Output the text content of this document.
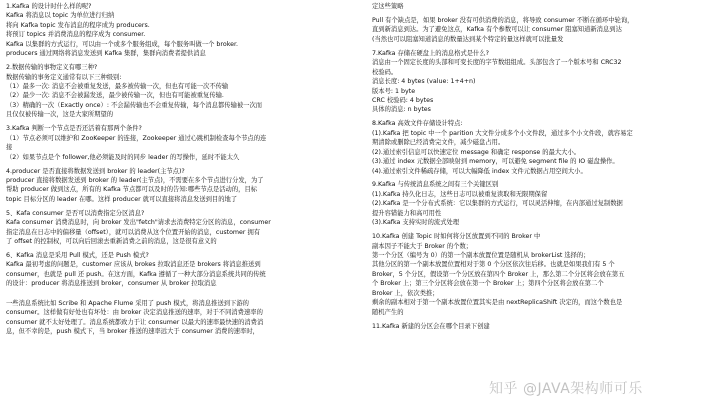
1.Kafka 的设计时什么样的呢?
Kafka 将消息以 topic 为单位进行归纳
将向 Kafka topic 发布消息的程序成为 producers.
将预订 topics 并消费消息的程序成为 consumer.
Kafka 以集群的方式运行，可以由一个或多个服务组成，每个服务叫做一个 broker.
producers 通过网络将消息发送到 Kafka 集群，集群向消费者提供消息
2.数据传输的事物定义有哪三种?
数据传输的事务定义通常有以下三种级别:
（1）最多一次: 消息不会被重复发送，最多被传输一次，但也有可能一次不传输
（2）最少一次: 消息不会被漏发送，最少被传输一次，但也有可能被重复传输.
（3）精确的一次（Exactly once）: 不会漏传输也不会重复传输，每个消息都传输被一次而
且仅仅被传输一次，这是大家所期望的
3.Kafka 判断一个节点是否还活着有那两个条件?
（1）节点必须可以维护和 ZooKeeper 的连接，Zookeeper 通过心跳机制检查每个节点的连
接
（2）如果节点是个 follower,他必须能及时的同步 leader 的写操作，延时不能太久
4.producer 是否直接将数据发送到 broker 的 leader(主节点)?
producer 直接将数据发送到 broker 的 leader(主节点)，不需要在多个节点进行分发，为了
帮助 producer 做到这点，所有的 Kafka 节点都可以及时的告知:哪些节点是活动的，目标
topic 目标分区的 leader 在哪。这样 producer 就可以直接将消息发送到目的地了
5、Kafa consumer 是否可以消费指定分区消息?
Kafa consumer 消费消息时，向 broker 发出"fetch"请求去消费特定分区的消息，consumer
指定消息在日志中的偏移量（offset），就可以消费从这个位置开始的消息，customer 拥有
了 offset 的控制权，可以向后回滚去重新消费之前的消息，这是很有意义的
6、Kafka 消息是采用 Pull 模式，还是 Push 模式?
Kafka 最初考虑的问题是，customer 应该从 brokes 拉取消息还是 brokers 将消息推送到
consumer，也就是 pull 还 push。在这方面，Kafka 遵循了一种大部分消息系统共同的传统
的设计：producer 将消息推送到 broker，consumer 从 broker 拉取消息
一些消息系统比如 Scribe 和 Apache Flume 采用了 push 模式，将消息推送到下游的
consumer。这样做有好处也有坏处：由 broker 决定消息推送的速率，对于不同消费速率的
consumer 就不太好处理了。消息系统都致力于让 consumer 以最大的速率最快速的消费消
息，但不幸的是，push 模式下，当 broker 推送的速率远大于 consumer 消费的速率时，
定这些策略
Pull 有个缺点是，如果 broker 没有可供消费的消息，将导致 consumer 不断在循环中轮询，
直到新消息到达。为了避免这点，Kafka 有个参数可以让 consumer 阻塞知道新消息到达
(当然也可以阻塞知道消息的数量达到某个特定的量这样就可以批量发
7.Kafka 存储在硬盘上的消息格式是什么?
消息由一个固定长度的头部和可变长度的字节数组组成。头部包含了一个版本号和 CRC32
校验码。
消息长度: 4 bytes (value: 1+4+n)
版本号: 1 byte
CRC 校验码: 4 bytes
具体的消息: n bytes
8.Kafka 高效文件存储设计特点:
(1).Kafka 把 topic 中一个 parition 大文件分成多个小文件段，通过多个小文件段，就容易定
期清除或删除已经消费完文件，减少磁盘占用。
(2).通过索引信息可以快速定位 message 和确定 response 的最大大小。
(3).通过 index 元数据全部映射到 memory，可以避免 segment file 的 IO 磁盘操作。
(4).通过索引文件稀疏存储，可以大幅降低 index 文件元数据占用空间大小。
9.Kafka 与传统消息系统之间有三个关键区别
(1).Kafka 持久化日志，这些日志可以被重复读取和无限期保留
(2).Kafka 是一个分布式系统：它以集群的方式运行，可以灵活伸缩，在内部通过复制数据
提升容错能力和高可用性
(3).Kafka 支持实时的流式处理
10.Kafka 创建 Topic 时如何将分区放置到不同的 Broker 中
副本因子不能大于 Broker 的个数；
第一个分区（编号为 0）的第一个副本放置位置是随机从 brokerList 选择的；
其他分区的第一个副本放置位置相对于第 0 个分区依次往后移。也就是如果我们有 5 个
Broker，5 个分区，假设第一个分区放在第四个 Broker 上，那么第二个分区将会放在第五
个 Broker 上；第三个分区将会放在第一个 Broker 上；第四个分区将会放在第二个
Broker 上，依次类推；
剩余的副本相对于第一个副本放置位置其实是由 nextReplicaShift 决定的，而这个数也是
随机产生的
11.Kafka 新建的分区会在哪个目录下创建
知乎 @JAVA架构师可乐
